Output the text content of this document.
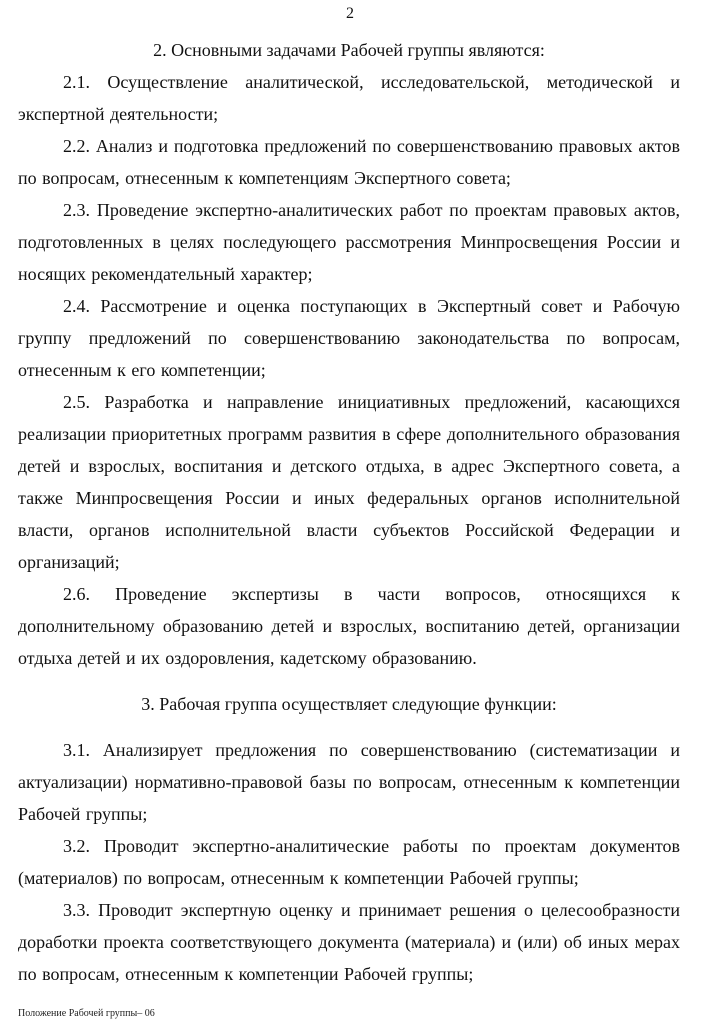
2
2. Основными задачами Рабочей группы являются:

2.1. Осуществление аналитической, исследовательской, методической и экспертной деятельности;

2.2. Анализ и подготовка предложений по совершенствованию правовых актов по вопросам, отнесенным к компетенциям Экспертного совета;

2.3. Проведение экспертно-аналитических работ по проектам правовых актов, подготовленных в целях последующего рассмотрения Минпросвещения России и носящих рекомендательный характер;

2.4. Рассмотрение и оценка поступающих в Экспертный совет и Рабочую группу предложений по совершенствованию законодательства по вопросам, отнесенным к его компетенции;

2.5. Разработка и направление инициативных предложений, касающихся реализации приоритетных программ развития в сфере дополнительного образования детей и взрослых, воспитания и детского отдыха, в адрес Экспертного совета, а также Минпросвещения России и иных федеральных органов исполнительной власти, органов исполнительной власти субъектов Российской Федерации и организаций;

2.6. Проведение экспертизы в части вопросов, относящихся к дополнительному образованию детей и взрослых, воспитанию детей, организации отдыха детей и их оздоровления, кадетскому образованию.

3. Рабочая группа осуществляет следующие функции:

3.1. Анализирует предложения по совершенствованию (систематизации и актуализации) нормативно-правовой базы по вопросам, отнесенным к компетенции Рабочей группы;

3.2. Проводит экспертно-аналитические работы по проектам документов (материалов) по вопросам, отнесенным к компетенции Рабочей группы;

3.3. Проводит экспертную оценку и принимает решения о целесообразности доработки проекта соответствующего документа (материала) и (или) об иных мерах по вопросам, отнесенным к компетенции Рабочей группы;

Положение Рабочей группы– 06
